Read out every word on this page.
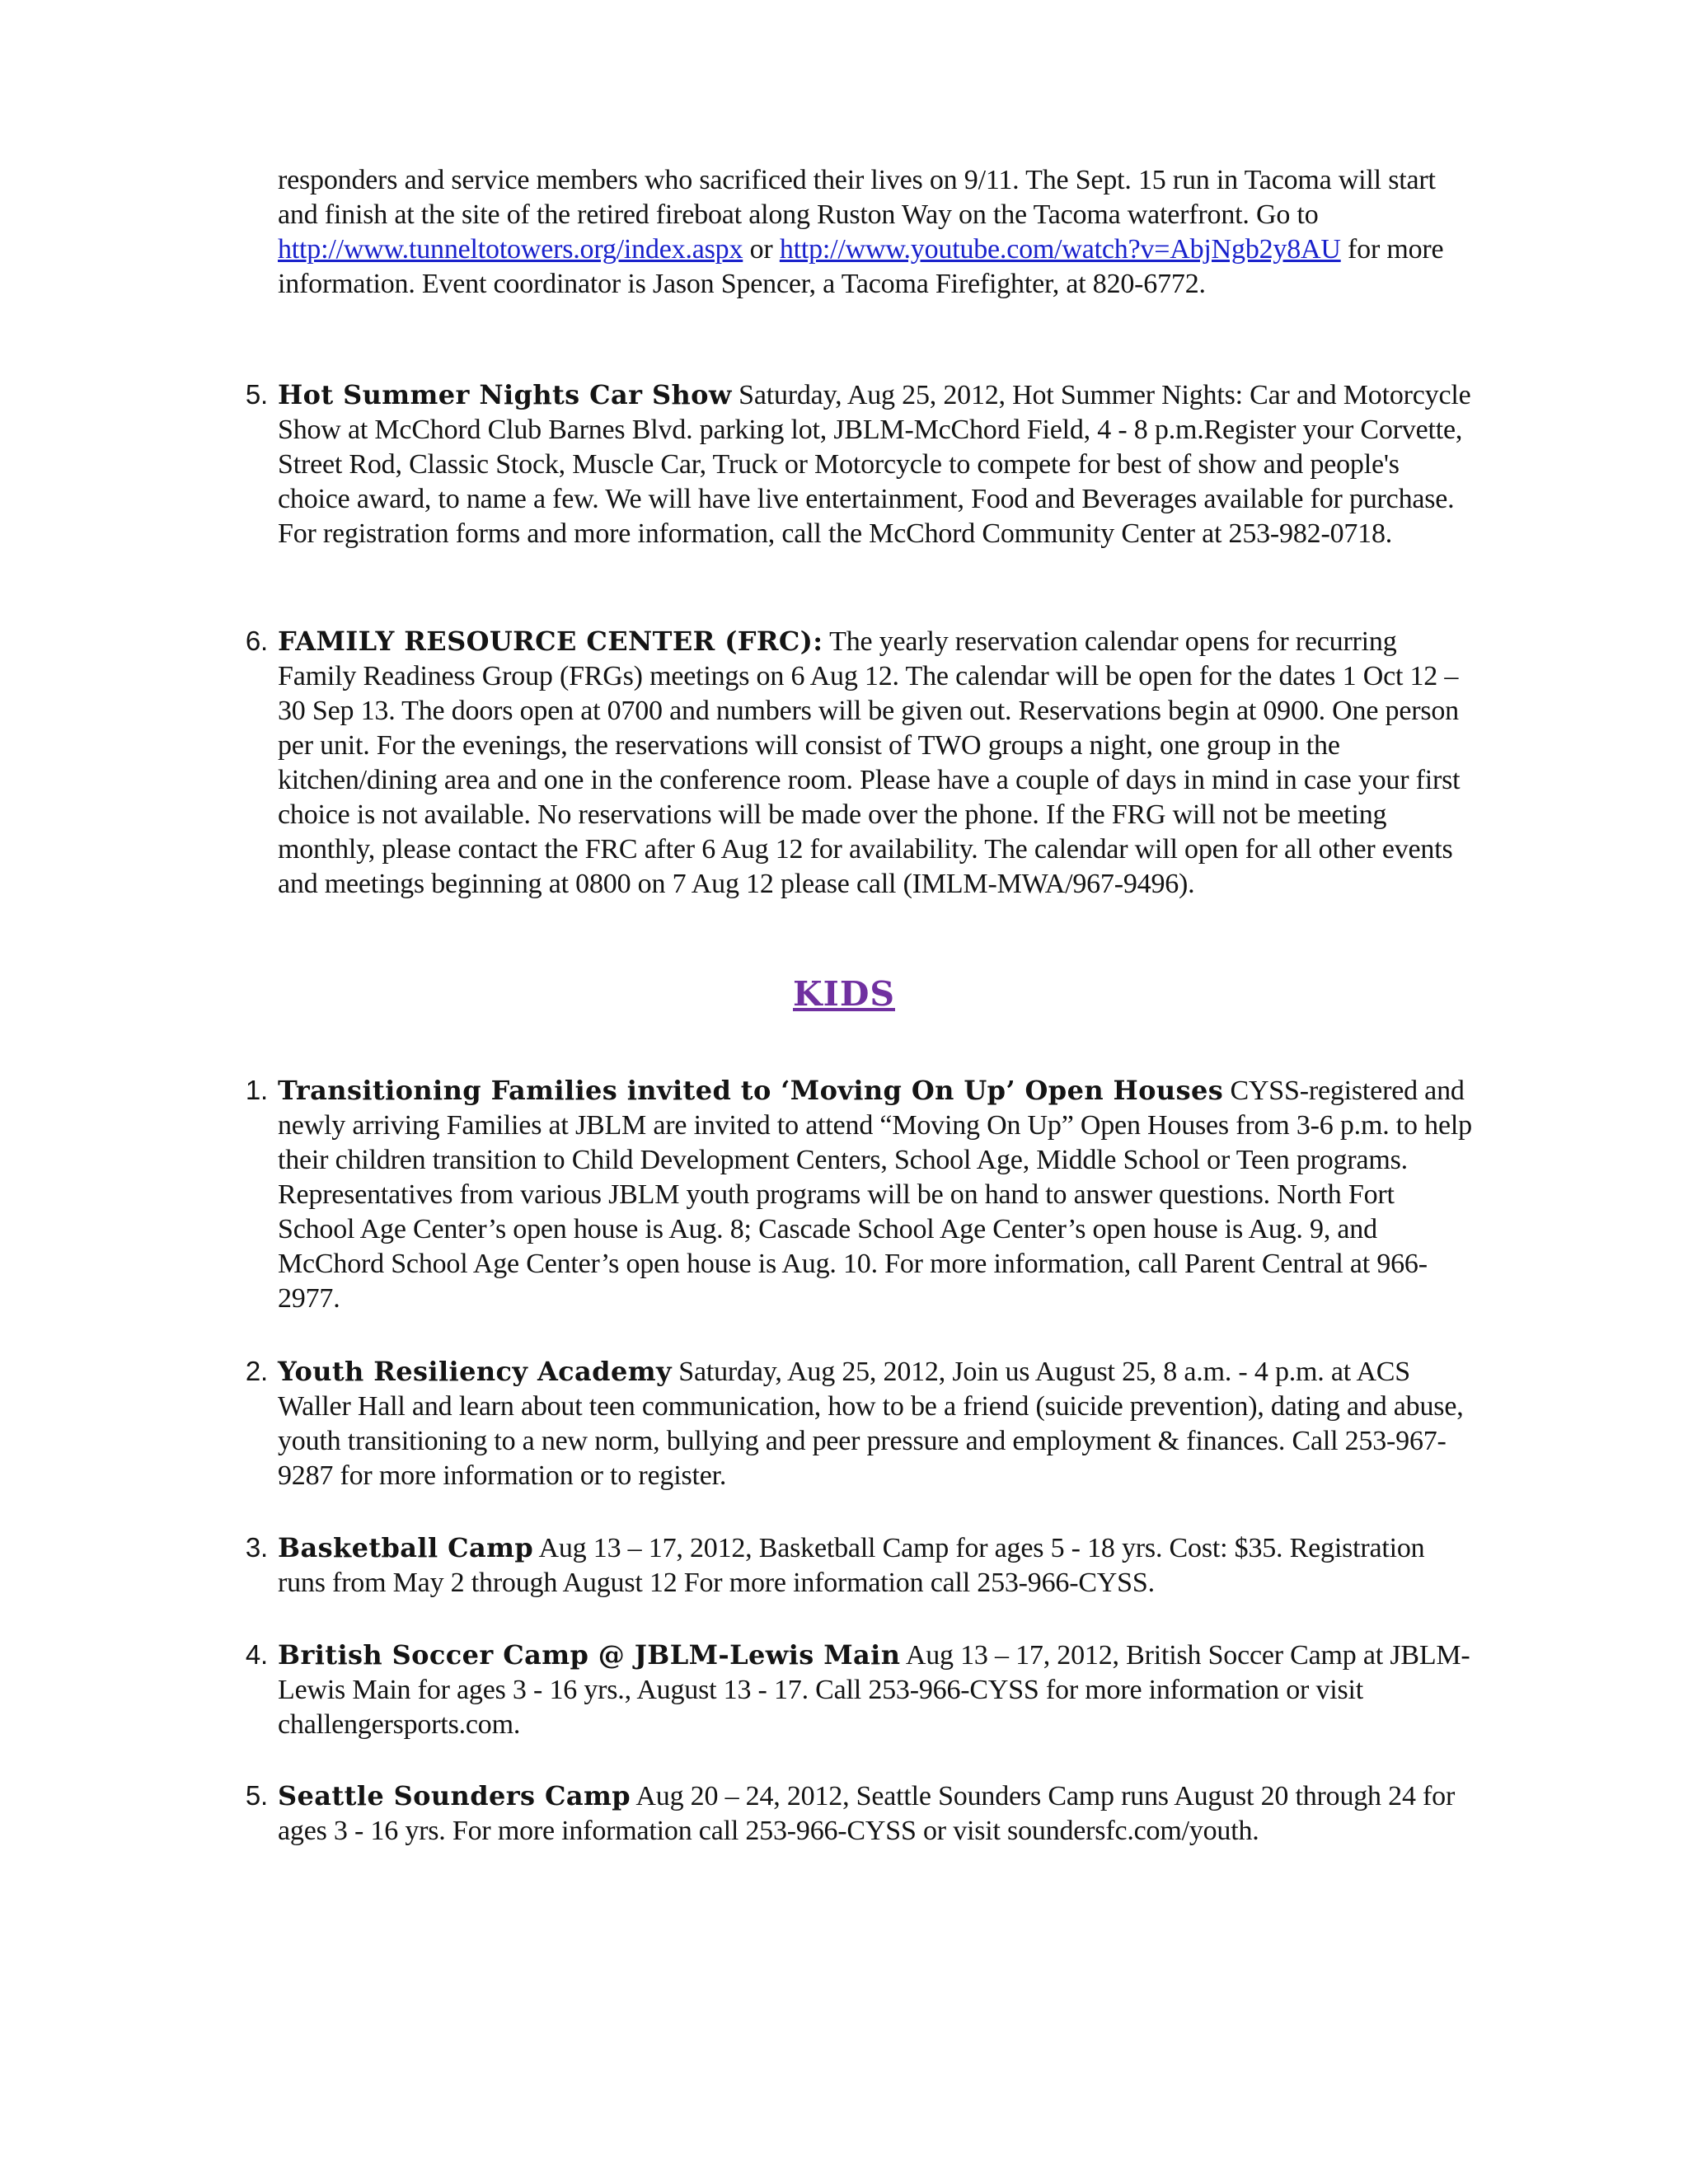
responders and service members who sacrificed their lives on 9/11. The Sept. 15 run in Tacoma will start and finish at the site of the retired fireboat along Ruston Way on the Tacoma waterfront. Go to http://www.tunneltotowers.org/index.aspx or http://www.youtube.com/watch?v=AbjNgb2y8AU for more information. Event coordinator is Jason Spencer, a Tacoma Firefighter, at 820-6772.

5. Hot Summer Nights Car Show Saturday, Aug 25, 2012, Hot Summer Nights: Car and Motorcycle Show at McChord Club Barnes Blvd. parking lot, JBLM-McChord Field, 4 - 8 p.m.Register your Corvette, Street Rod, Classic Stock, Muscle Car, Truck or Motorcycle to compete for best of show and people's choice award, to name a few. We will have live entertainment, Food and Beverages available for purchase. For registration forms and more information, call the McChord Community Center at 253-982-0718.
6. FAMILY RESOURCE CENTER (FRC): The yearly reservation calendar opens for recurring Family Readiness Group (FRGs) meetings on 6 Aug 12. The calendar will be open for the dates 1 Oct 12 – 30 Sep 13. The doors open at 0700 and numbers will be given out. Reservations begin at 0900. One person per unit. For the evenings, the reservations will consist of TWO groups a night, one group in the kitchen/dining area and one in the conference room. Please have a couple of days in mind in case your first choice is not available. No reservations will be made over the phone. If the FRG will not be meeting monthly, please contact the FRC after 6 Aug 12 for availability. The calendar will open for all other events and meetings beginning at 0800 on 7 Aug 12 please call (IMLM-MWA/967-9496).
KIDS
1. Transitioning Families invited to ‘Moving On Up’ Open Houses CYSS-registered and newly arriving Families at JBLM are invited to attend “Moving On Up” Open Houses from 3-6 p.m. to help their children transition to Child Development Centers, School Age, Middle School or Teen programs. Representatives from various JBLM youth programs will be on hand to answer questions. North Fort School Age Center’s open house is Aug. 8; Cascade School Age Center’s open house is Aug. 9, and McChord School Age Center’s open house is Aug. 10. For more information, call Parent Central at 966-2977.
2. Youth Resiliency Academy Saturday, Aug 25, 2012, Join us August 25, 8 a.m. - 4 p.m. at ACS Waller Hall and learn about teen communication, how to be a friend (suicide prevention), dating and abuse, youth transitioning to a new norm, bullying and peer pressure and employment & finances. Call 253-967-9287 for more information or to register.
3. Basketball Camp Aug 13 – 17, 2012, Basketball Camp for ages 5 - 18 yrs. Cost: $35. Registration runs from May 2 through August 12 For more information call 253-966-CYSS.
4. British Soccer Camp @ JBLM-Lewis Main Aug 13 – 17, 2012, British Soccer Camp at JBLM-Lewis Main for ages 3 - 16 yrs., August 13 - 17. Call 253-966-CYSS for more information or visit challengersports.com.
5. Seattle Sounders Camp Aug 20 – 24, 2012, Seattle Sounders Camp runs August 20 through 24 for ages 3 - 16 yrs. For more information call 253-966-CYSS or visit soundersfc.com/youth.
